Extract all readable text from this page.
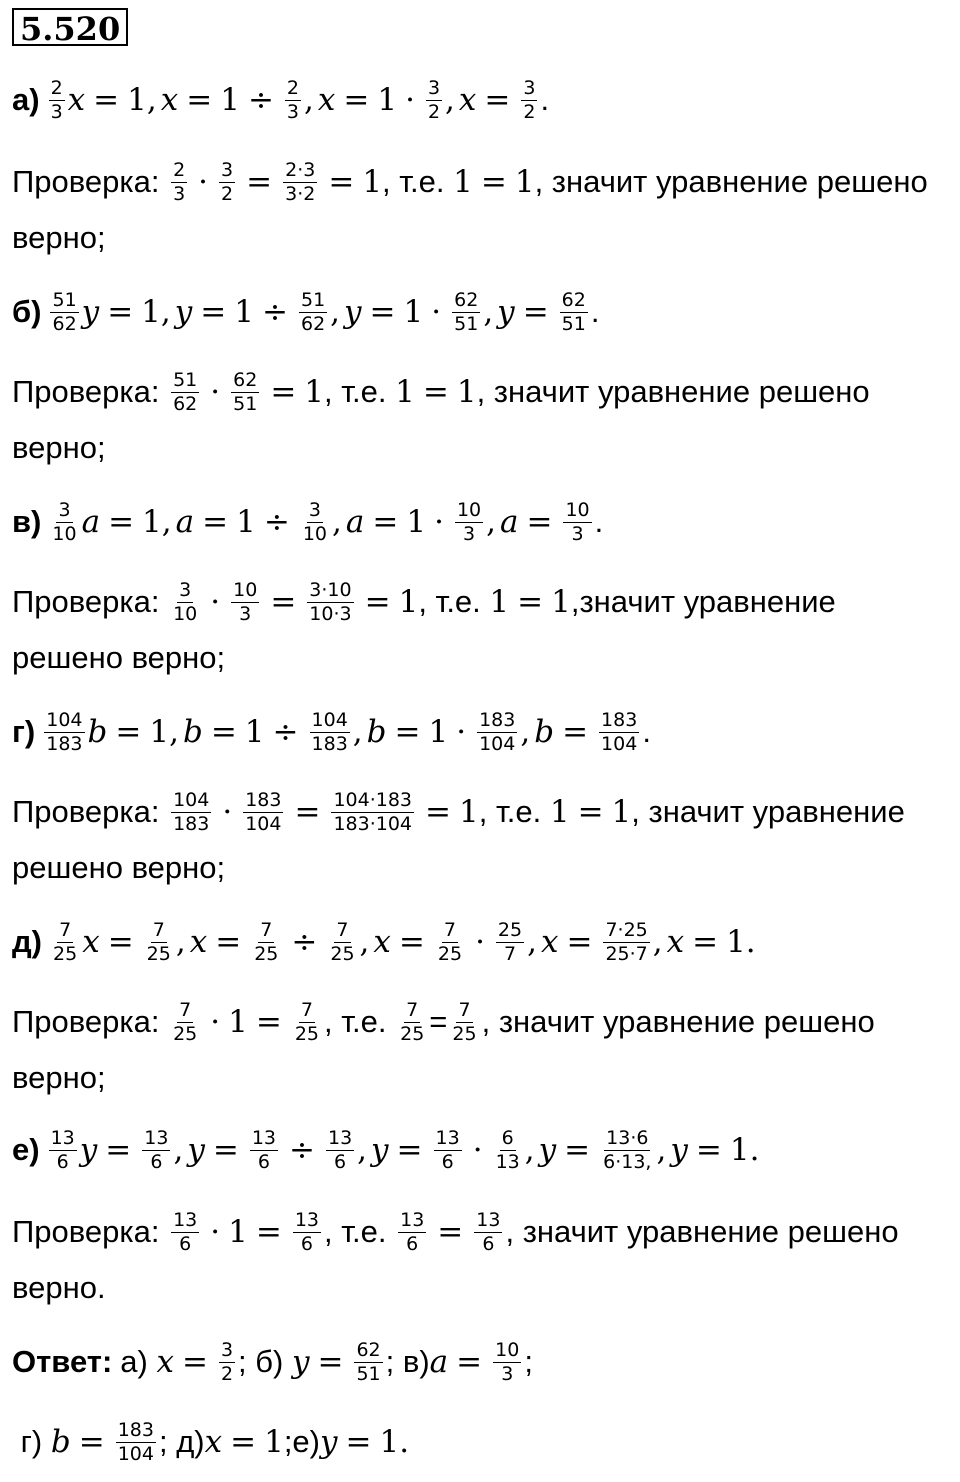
5.520
$а) \frac{2}{3}$ x = 1 , $x = 1 \div \frac{2}{3}$ , $x = 1 \cdot \frac{3}{2}$ , $x = \frac{3}{2}$ .
Проверка: $\frac{2}{3} \cdot \frac{3}{2} = \frac{2\cdot 3}{3\cdot 2} = 1$ , т.е. 1 = 1 , значит уравнение решено
верно;
$б) \frac{51}{62}$ y = 1 , $y = 1 \div \frac{51}{62}$ , $y = 1 \cdot \frac{62}{51}$ , $y = \frac{62}{51}$ .
Проверка: $\frac{51}{62} \cdot \frac{62}{51} = 1$ , т.е. 1 = 1 , значит уравнение решено
верно;
$в) \frac{3}{10}$ a = 1 , $a = 1 \div \frac{3}{10}$ , $a = 1 \cdot \frac{10}{3}$ , $a = \frac{10}{3}$ .
Проверка: $\frac{3}{10} \cdot \frac{10}{3} = \frac{3\cdot 10}{10\cdot 3} = 1$ , т.е. 1 = 1 ,значит уравнение
решено верно;
$г) \frac{104}{183}$ b = 1 , $b = 1 \div \frac{104}{183}$ , $b = 1 \cdot \frac{183}{104}$ , $b = \frac{183}{104}$ .
Проверка: $\frac{104}{183} \cdot \frac{183}{104} = \frac{104\cdot 183}{183\cdot 104} = 1$ , т.е. 1 = 1 , значит уравнение
решено верно;
$д) \frac{7}{25}$ $x = \frac{7}{25}$ , $x = \frac{7}{25} \div \frac{7}{25}$ , $x = \frac{7}{25} \cdot \frac{25}{7}$ , $x = \frac{7\cdot 25}{25\cdot 7}$ , x = 1.
Проверка: $\frac{7}{25} \cdot 1 = \frac{7}{25}$ , т.е. $\frac{7}{25} = \frac{7}{25}$ , значит уравнение решено
верно;
$е) \frac{13}{6}$ $y = \frac{13}{6}$ , $y = \frac{13}{6} \div \frac{13}{6}$ , $y = \frac{13}{6} \cdot \frac{6}{13}$ , $y = \frac{13\cdot 6}{6\cdot 13,}$ , y = 1.
Проверка: $\frac{13}{6} \cdot 1 = \frac{13}{6}$ , т.е. $\frac{13}{6} = \frac{13}{6}$ , значит уравнение решено
верно.
Ответ: а) $x = \frac{3}{2}$ ; б) $y = \frac{62}{51}$ ; в) $a = \frac{10}{3}$ ;
г) $b = \frac{183}{104}$ ; д) x = 1 ;е) y = 1.
